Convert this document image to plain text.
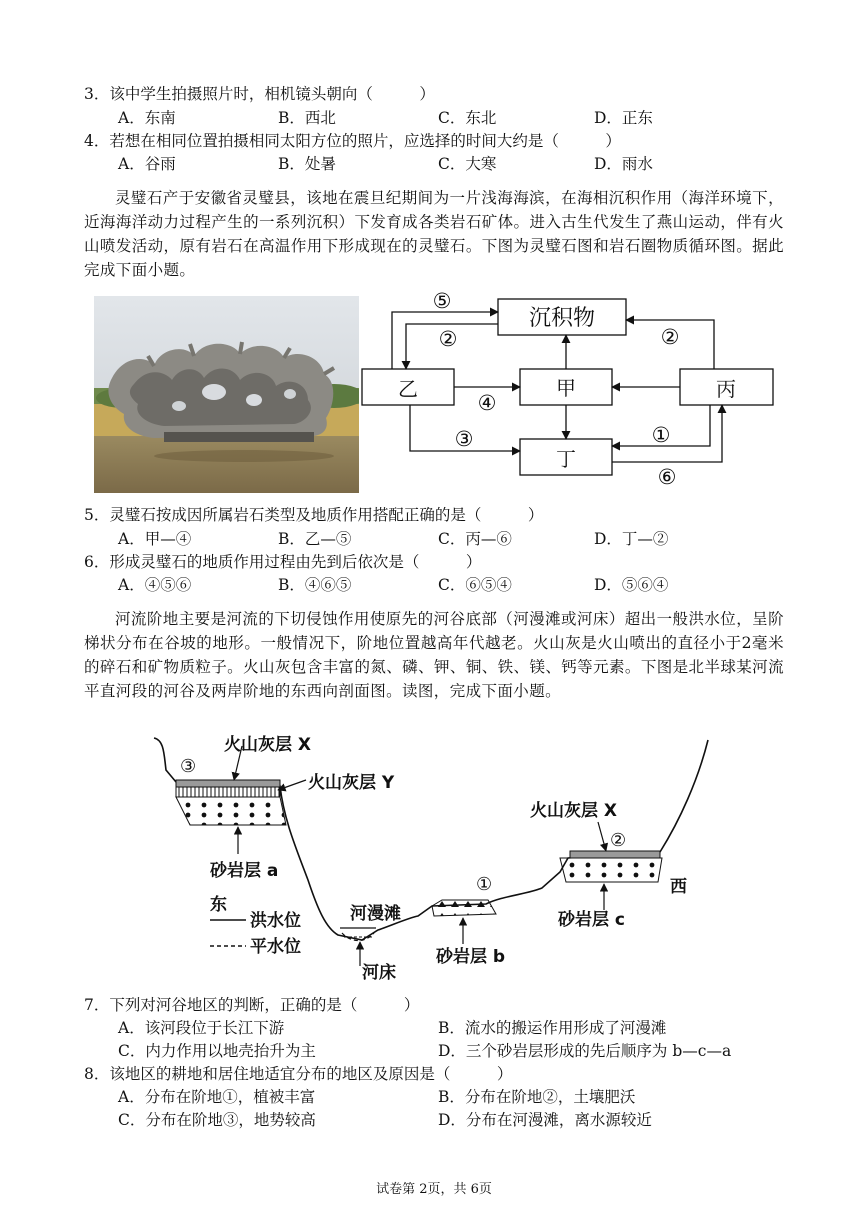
3．该中学生拍摄照片时，相机镜头朝向（　　　）
A．东南	B．西北	C．东北	D．正东
4．若想在相同位置拍摄相同太阳方位的照片，应选择的时间大约是（　　　）
A．谷雨	B．处暑	C．大寒	D．雨水

灵璧石产于安徽省灵璧县，该地在震旦纪期间为一片浅海海滨，在海相沉积作用（海洋环境下，近海海洋动力过程产生的一系列沉积）下发育成各类岩石矿体。进入古生代发生了燕山运动，伴有火山喷发活动，原有岩石在高温作用下形成现在的灵璧石。下图为灵璧石图和岩石圈物质循环图。据此完成下面小题。

沉积物
甲
乙	丙
丁
⑤
②	②
④
③	①
⑥
5．灵璧石按成因所属岩石类型及地质作用搭配正确的是（　　　）
A．甲—④	B．乙—⑤	C．丙—⑥	D．丁—②
6．形成灵璧石的地质作用过程由先到后依次是（　　　）
A．④⑤⑥	B．④⑥⑤	C．⑥⑤④	D．⑤⑥④

河流阶地主要是河流的下切侵蚀作用使原先的河谷底部（河漫滩或河床）超出一般洪水位，呈阶梯状分布在谷坡的地形。一般情况下，阶地位置越高年代越老。火山灰是火山喷出的直径小于2毫米的碎石和矿物质粒子。火山灰包含丰富的氮、磷、钾、铜、铁、镁、钙等元素。下图是北半球某河流平直河段的河谷及两岸阶地的东西向剖面图。读图，完成下面小题。

火山灰层 X
火山灰层 Y
③
砂岩层 a
东
洪水位
平水位
河漫滩
河床
①
砂岩层 b
火山灰层 X
②
砂岩层 c
西
7．下列对河谷地区的判断，正确的是（　　　）
A．该河段位于长江下游	B．流水的搬运作用形成了河漫滩
C．内力作用以地壳抬升为主	D．三个砂岩层形成的先后顺序为 b—c—a
8．该地区的耕地和居住地适宜分布的地区及原因是（　　　）
A．分布在阶地①，植被丰富	B．分布在阶地②，土壤肥沃
C．分布在阶地③，地势较高	D．分布在河漫滩，离水源较近
试卷第 2页，共 6页
